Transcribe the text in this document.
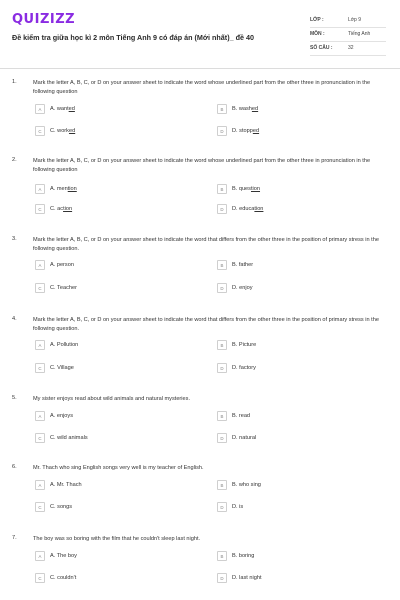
QUIZIZZ
Đề kiểm tra giữa học kì 2 môn Tiếng Anh 9 có đáp án (Mới nhất)_ đề 40
LỚP :	Lớp 9
MÔN :	Tiếng Anh
SỐ CÂU :	32
1.	Mark the letter A, B, C, or D on your answer sheet to indicate the word whose underlined part from the other three in pronunciation in the following question
A	A. wanted	B	B. washed
C	C. worked	D	D. stopped
2.	Mark the letter A, B, C, or D on your answer sheet to indicate the word whose underlined part from the other three in pronunciation in the following question
A	A. mention	B	B. question
C	C. action	D	D. education
3.	Mark the letter A, B, C, or D on your answer sheet to indicate the word that differs from the other three in the position of primary stress in the following question.
A	A. person	B	B. father
C	C. Teacher	D	D. enjoy
4.	Mark the letter A, B, C, or D on your answer sheet to indicate the word that differs from the other three in the position of primary stress in the following question.
A	A. Pollution	B	B. Picture
C	C. Village	D	D. factory
5.	My sister enjoys read about wild animals and natural mysteries.
A	A. enjoys	B	B. read
C	C. wild animals	D	D. natural
6.	Mr. Thach who sing English songs very well is my teacher of English.
A	A. Mr. Thach	B	B. who sing
C	C. songs	D	D. is
7.	The boy was so boring with the film that he couldn't sleep last night.
A	A. The boy	B	B. boring
C	C. couldn't	D	D. last night
